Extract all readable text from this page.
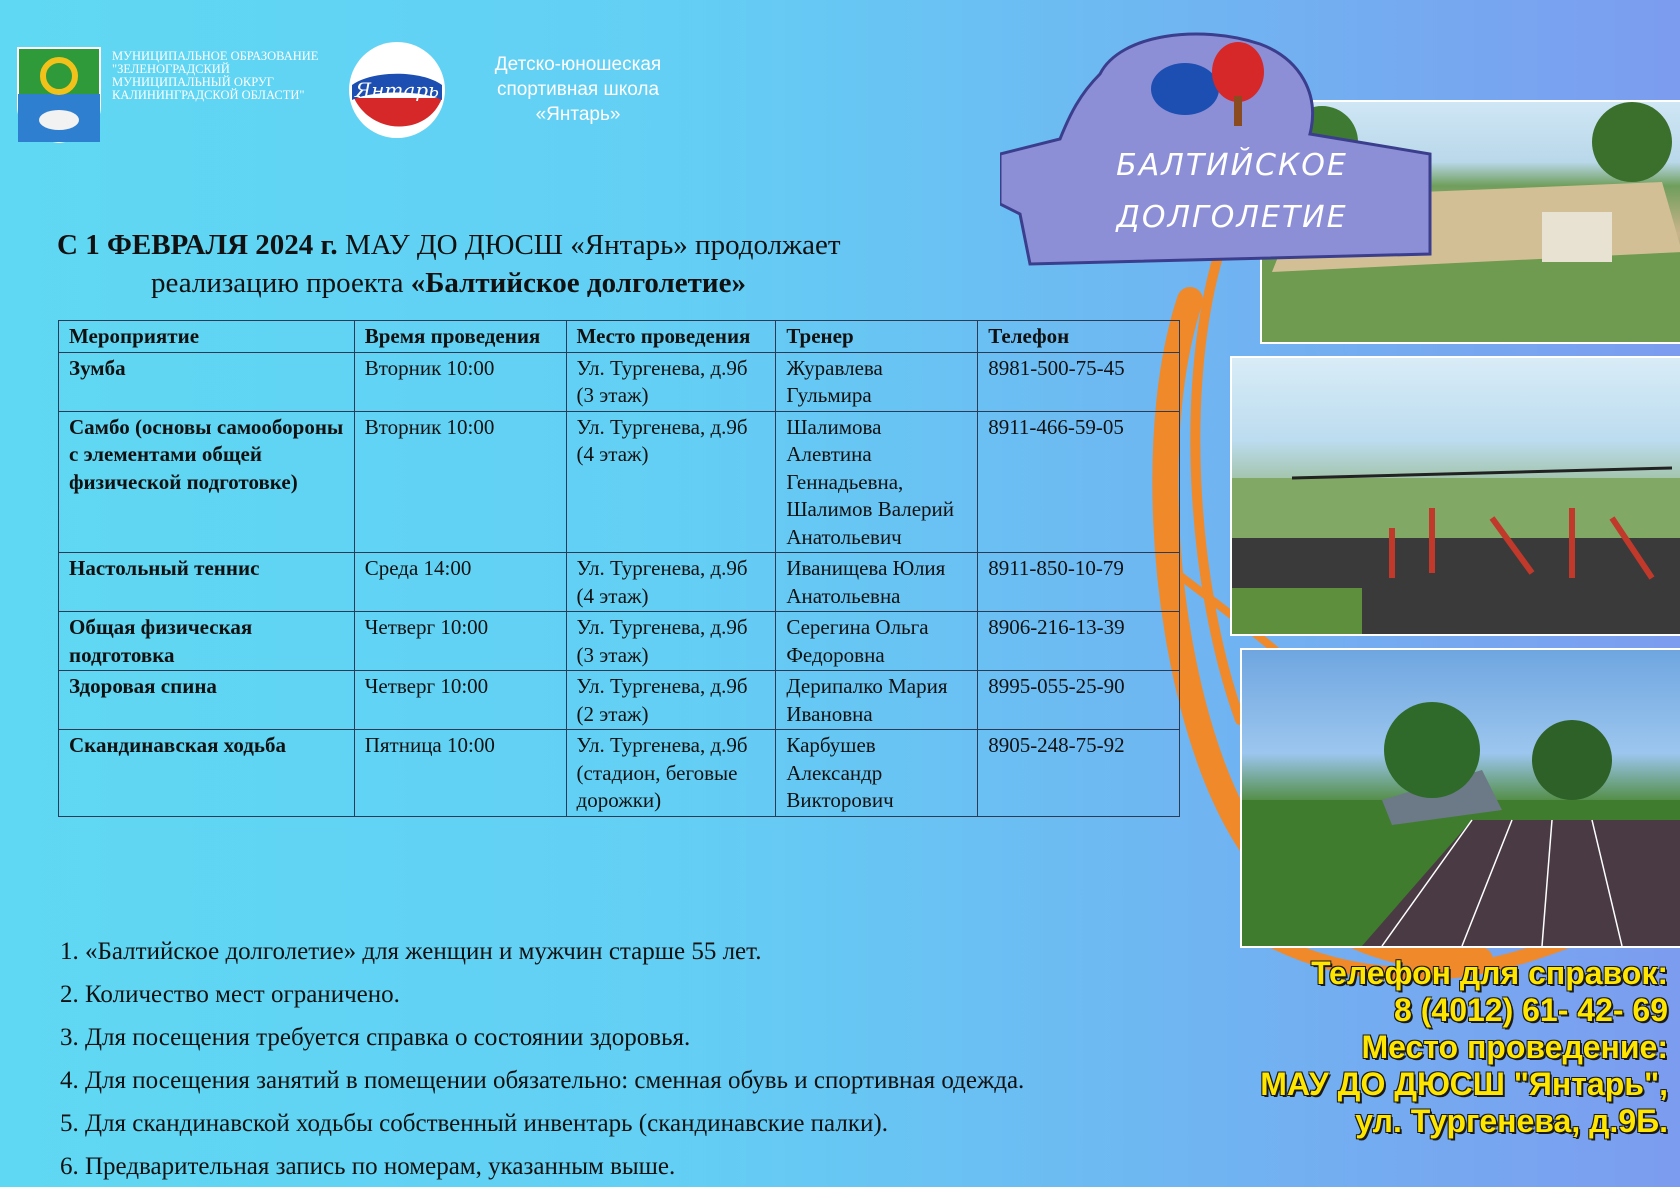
БАЛТИЙСКОЕ
ДОЛГОЛЕТИЕ
МУНИЦИПАЛЬНОЕ ОБРАЗОВАНИЕ "ЗЕЛЕНОГРАДСКИЙ МУНИЦИПАЛЬНЫЙ ОКРУГ КАЛИНИНГРАДСКОЙ ОБЛАСТИ"	Янтарь
Детско-юношеская
спортивная школа
«Янтарь»
С 1 ФЕВРАЛЯ 2024 г. МАУ ДО ДЮСШ «Янтарь» продолжает
реализацию проекта «Балтийское долголетие»
Мероприятие	Время проведения	Место проведения	Тренер	Телефон
Зумба	Вторник 10:00	Ул. Тургенева, д.9б (3 этаж)	Журавлева Гульмира	8981-500-75-45
Самбо (основы самообороны с элементами общей физической подготовке)	Вторник 10:00	Ул. Тургенева, д.9б (4 этаж)	Шалимова Алевтина Геннадьевна, Шалимов Валерий Анатольевич	8911-466-59-05
Настольный теннис	Среда 14:00	Ул. Тургенева, д.9б (4 этаж)	Иванищева Юлия Анатольевна	8911-850-10-79
Общая физическая подготовка	Четверг 10:00	Ул. Тургенева, д.9б (3 этаж)	Серегина Ольга Федоровна	8906-216-13-39
Здоровая спина	Четверг 10:00	Ул. Тургенева, д.9б (2 этаж)	Дерипалко Мария Ивановна	8995-055-25-90
Скандинавская ходьба	Пятница 10:00	Ул. Тургенева, д.9б (стадион, беговые дорожки)	Карбушев Александр Викторович	8905-248-75-92
1. «Балтийское долголетие» для женщин и мужчин старше 55 лет.
2. Количество мест ограничено.
3. Для посещения требуется справка о состоянии здоровья.
4. Для посещения занятий в помещении обязательно: сменная обувь и спортивная одежда.
5. Для скандинавской ходьбы собственный инвентарь (скандинавские палки).
6. Предварительная запись по номерам, указанным выше.
Телефон для справок:
8 (4012) 61- 42- 69
Место проведение:
МАУ ДО ДЮСШ "Янтарь",
ул. Тургенева, д.9Б.
